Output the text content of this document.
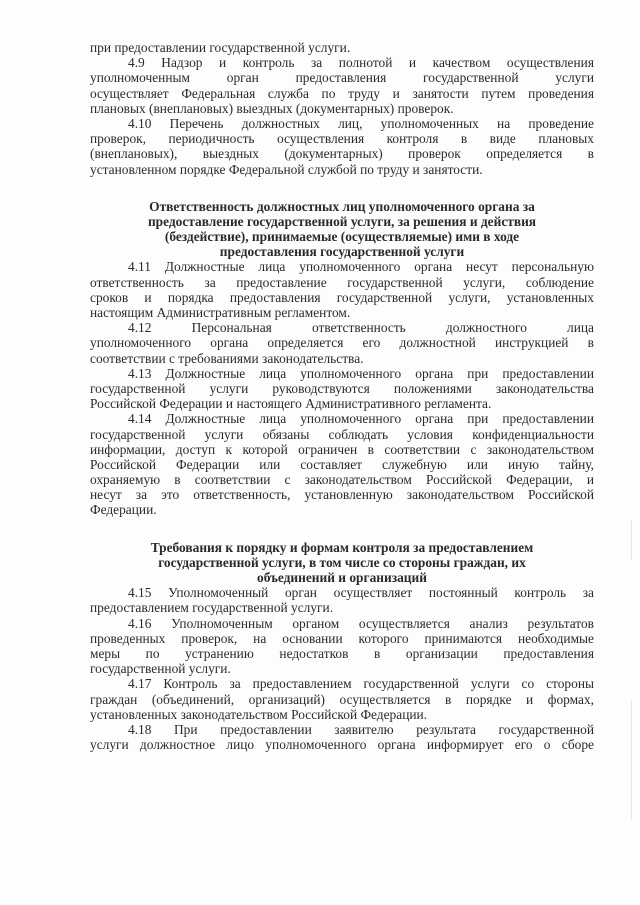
при предоставлении государственной услуги.
4.9 Надзор и контроль за полнотой и качеством осуществления
уполномоченным орган предоставления государственной услуги
осуществляет Федеральная служба по труду и занятости путем проведения
плановых (внеплановых) выездных (документарных) проверок.
4.10 Перечень должностных лиц, уполномоченных на проведение
проверок, периодичность осуществления контроля в виде плановых
(внеплановых), выездных (документарных) проверок определяется в
установленном порядке Федеральной службой по труду и занятости.
Ответственность должностных лиц уполномоченного органа за
предоставление государственной услуги, за решения и действия
(бездействие), принимаемые (осуществляемые) ими в ходе
предоставления государственной услуги
4.11 Должностные лица уполномоченного органа несут персональную
ответственность за предоставление государственной услуги, соблюдение
сроков и порядка предоставления государственной услуги, установленных
настоящим Административным регламентом.
4.12 Персональная ответственность должностного лица
уполномоченного органа определяется его должностной инструкцией в
соответствии с требованиями законодательства.
4.13 Должностные лица уполномоченного органа при предоставлении
государственной услуги руководствуются положениями законодательства
Российской Федерации и настоящего Административного регламента.
4.14 Должностные лица уполномоченного органа при предоставлении
государственной услуги обязаны соблюдать условия конфиденциальности
информации, доступ к которой ограничен в соответствии с законодательством
Российской Федерации или составляет служебную или иную тайну,
охраняемую в соответствии с законодательством Российской Федерации, и
несут за это ответственность, установленную законодательством Российской
Федерации.
Требования к порядку и формам контроля за предоставлением
государственной услуги, в том числе со стороны граждан, их
объединений и организаций
4.15 Уполномоченный орган осуществляет постоянный контроль за
предоставлением государственной услуги.
4.16 Уполномоченным органом осуществляется анализ результатов
проведенных проверок, на основании которого принимаются необходимые
меры по устранению недостатков в организации предоставления
государственной услуги.
4.17 Контроль за предоставлением государственной услуги со стороны
граждан (объединений, организаций) осуществляется в порядке и формах,
установленных законодательством Российской Федерации.
4.18 При предоставлении заявителю результата государственной
услуги должностное лицо уполномоченного органа информирует его о сборе
